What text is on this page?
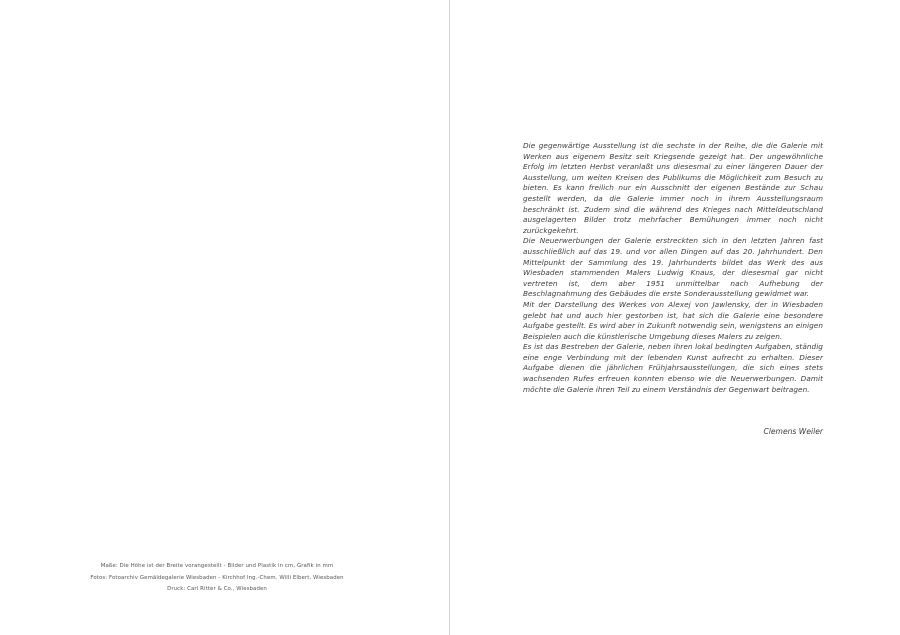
Maße: Die Höhe ist der Breite vorangestellt - Bilder und Plastik in cm, Grafik in mm
Fotos: Fotoarchiv Gemäldegalerie Wiesbaden - Kirchhof Ing.-Chem. Willi Elbert, Wiesbaden
Druck: Carl Ritter & Co., Wiesbaden

Die gegenwärtige Ausstellung ist die sechste in der Reihe, die die Galerie mit Werken aus eigenem Besitz seit Kriegsende gezeigt hat. Der ungewöhnliche Erfolg im letzten Herbst veranlaßt uns diesesmal zu einer längeren Dauer der Ausstellung, um weiten Kreisen des Publikums die Möglichkeit zum Besuch zu bieten. Es kann freilich nur ein Ausschnitt der eigenen Bestände zur Schau gestellt werden, da die Galerie immer noch in ihrem Ausstellungsraum beschränkt ist. Zudem sind die während des Krieges nach Mitteldeutschland ausgelagerten Bilder trotz mehrfacher Bemühungen immer noch nicht zurückgekehrt.

Die Neuerwerbungen der Galerie erstreckten sich in den letzten Jahren fast ausschließlich auf das 19. und vor allen Dingen auf das 20. Jahrhundert. Den Mittelpunkt der Sammlung des 19. Jahrhunderts bildet das Werk des aus Wiesbaden stammenden Malers Ludwig Knaus, der diesesmal gar nicht vertreten ist, dem aber 1951 unmittelbar nach Aufhebung der Beschlagnahmung des Gebäudes die erste Sonderausstellung gewidmet war.

Mit der Darstellung des Werkes von Alexej von Jawlensky, der in Wiesbaden gelebt hat und auch hier gestorben ist, hat sich die Galerie eine besondere Aufgabe gestellt. Es wird aber in Zukunft notwendig sein, wenigstens an einigen Beispielen auch die künstlerische Umgebung dieses Malers zu zeigen.

Es ist das Bestreben der Galerie, neben ihren lokal bedingten Aufgaben, ständig eine enge Verbindung mit der lebenden Kunst aufrecht zu erhalten. Dieser Aufgabe dienen die jährlichen Frühjahrsausstellungen, die sich eines stets wachsenden Rufes erfreuen konnten ebenso wie die Neuerwerbungen. Damit möchte die Galerie ihren Teil zu einem Verständnis der Gegenwart beitragen.

Clemens Weiler
